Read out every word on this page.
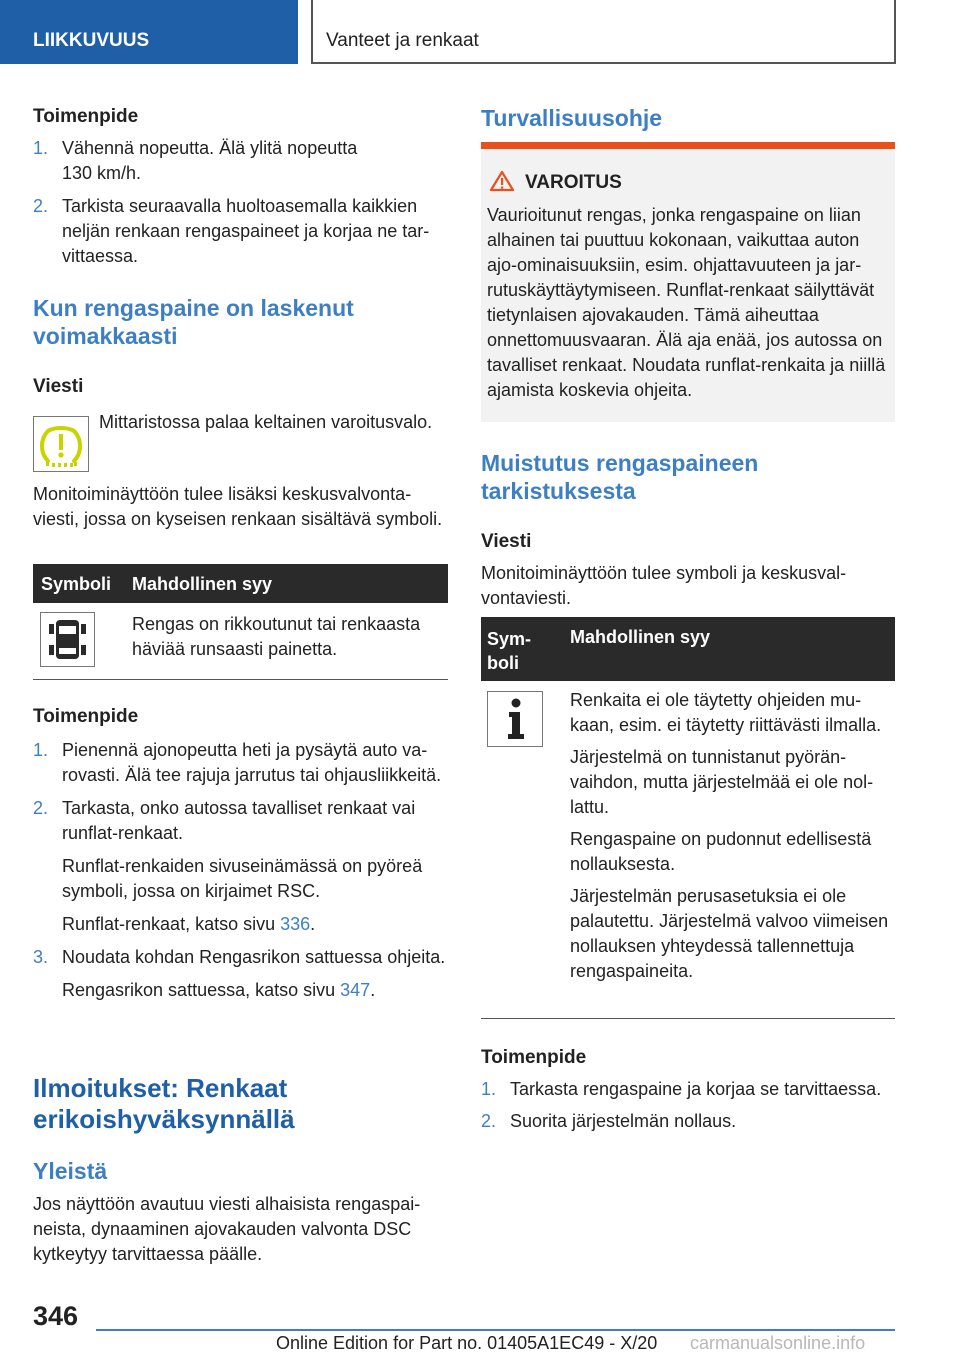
LIIKKUVUUS	Vanteet ja renkaat

Toimenpide

1. Vähennä nopeutta. Älä ylitä nopeutta 130 km/h.
2. Tarkista seuraavalla huoltoasemalla kaikkien neljän renkaan rengaspaineet ja korjaa ne tarvittaessa.

Kun rengaspaine on laskenut voimakkaasti

Viesti

Mittaristossa palaa keltainen varoitusvalo.

Monitoiminäyttöön tulee lisäksi keskusvalvontaviesti, jossa on kyseisen renkaan sisältävä symboli.

Symboli Mahdollinen syy

Rengas on rikkoutunut tai renkaasta häviää runsaasti painetta.

Toimenpide

1. Pienennä ajonopeutta heti ja pysäytä auto varovasti. Älä tee rajuja jarrutus tai ohjausliikkeitä.
2. Tarkasta, onko autossa tavalliset renkaat vai runflat-renkaat.
Runflat-renkaiden sivuseinämässä on pyöreä symboli, jossa on kirjaimet RSC.
Runflat-renkaat, katso sivu 336.
3. Noudata kohdan Rengasrikon sattuessa ohjeita.
Rengasrikon sattuessa, katso sivu 347.

Ilmoitukset: Renkaat erikoishyväksynnällä

Yleistä

Jos näyttöön avautuu viesti alhaisista rengaspaineista, dynaaminen ajovakauden valvonta DSC kytkeytyy tarvittaessa päälle.

Turvallisuusohje

VAROITUS

Vaurioitunut rengas, jonka rengaspaine on liian alhainen tai puuttuu kokonaan, vaikuttaa auton ajo-ominaisuuksiin, esim. ohjattavuuteen ja jarrutuskäyttäytymiseen. Runflat-renkaat säilyttävät tietynlaisen ajovakauden. Tämä aiheuttaa onnettomuusvaaran. Älä aja enää, jos autossa on tavalliset renkaat. Noudata runflat-renkaita ja niillä ajamista koskevia ohjeita.

Muistutus rengaspaineen tarkistuksesta

Viesti

Monitoiminäyttöön tulee symboli ja keskusvalvontaviesti.

Symboli
Mahdollinen syy

Renkaita ei ole täytetty ohjeiden mukaan, esim. ei täytetty riittävästi ilmalla.

Järjestelmä on tunnistanut pyöränvaihdon, mutta järjestelmää ei ole nollattu.

Rengaspaine on pudonnut edellisestä nollauksesta.

Järjestelmän perusasetuksia ei ole palautettu. Järjestelmä valvoo viimeisen nollauksen yhteydessä tallennettuja rengaspaineita.

Toimenpide

1. Tarkasta rengaspaine ja korjaa se tarvittaessa.
2. Suorita järjestelmän nollaus.
346
Online Edition for Part no. 01405A1EC49 - X/20 carmanualsonline.info
